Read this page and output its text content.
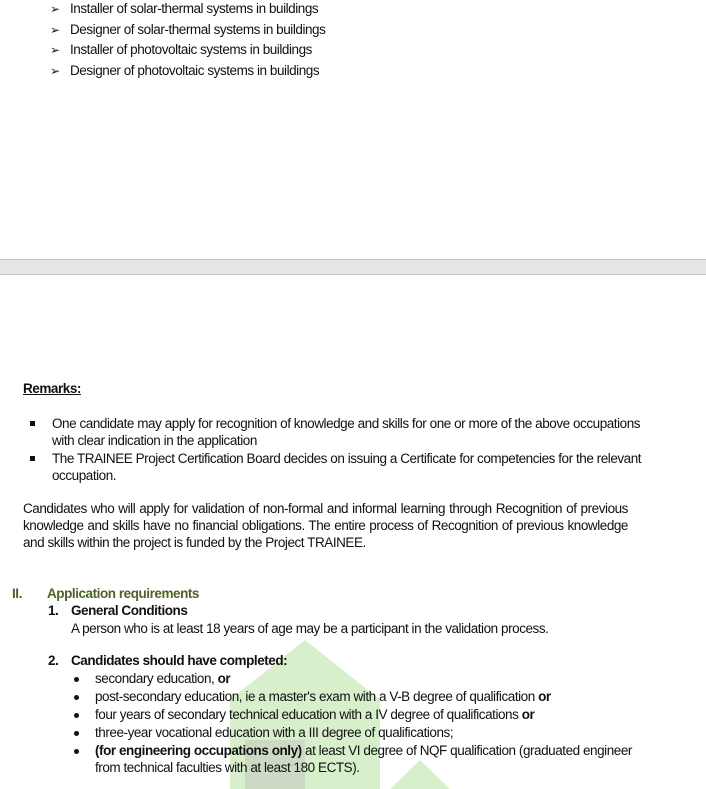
➢ Installer of solar-thermal systems in buildings
➢ Designer of solar-thermal systems in buildings
➢ Installer of photovoltaic systems in buildings
➢ Designer of photovoltaic systems in buildings
Remarks:
One candidate may apply for recognition of knowledge and skills for one or more of the above occupations
with clear indication in the application
The TRAINEE Project Certification Board decides on issuing a Certificate for competencies for the relevant
occupation.
Candidates who will apply for validation of non-formal and informal learning through Recognition of previous knowledge and skills have no financial obligations. The entire process of Recognition of previous knowledge and skills within the project is funded by the Project TRAINEE.
II. Application requirements
1. General Conditions
A person who is at least 18 years of age may be a participant in the validation process.
2. Candidates should have completed:
secondary education, or
post-secondary education, ie a master's exam with a V-B degree of qualification or
four years of secondary technical education with a IV degree of qualifications or
three-year vocational education with a III degree of qualifications;
(for engineering occupations only) at least VI degree of NQF qualification (graduated engineer
from technical faculties with at least 180 ECTS).
